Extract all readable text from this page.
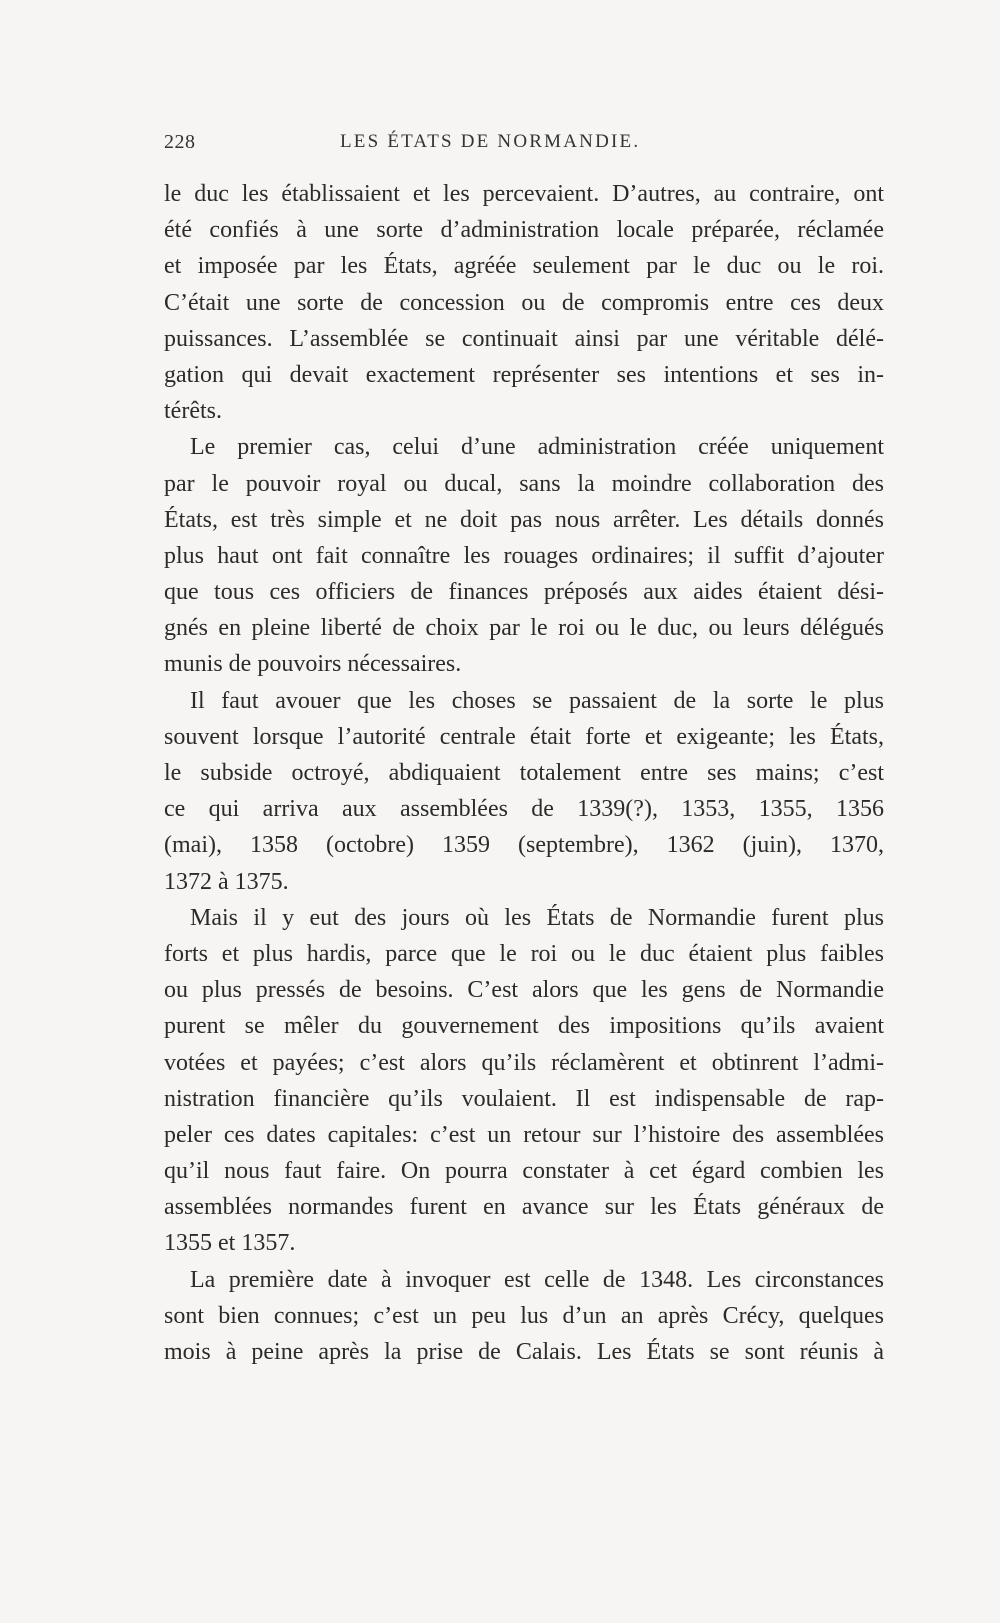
228	LES ÉTATS DE NORMANDIE.
le duc les établissaient et les percevaient. D’autres, au contraire, ont
été confiés à une sorte d’administration locale préparée, réclamée
et imposée par les États, agréée seulement par le duc ou le roi.
C’était une sorte de concession ou de compromis entre ces deux
puissances. L’assemblée se continuait ainsi par une véritable délé-
gation qui devait exactement représenter ses intentions et ses in-
térêts.
Le premier cas, celui d’une administration créée uniquement
par le pouvoir royal ou ducal, sans la moindre collaboration des
États, est très simple et ne doit pas nous arrêter. Les détails donnés
plus haut ont fait connaître les rouages ordinaires; il suffit d’ajouter
que tous ces officiers de finances préposés aux aides étaient dési-
gnés en pleine liberté de choix par le roi ou le duc, ou leurs délégués
munis de pouvoirs nécessaires.
Il faut avouer que les choses se passaient de la sorte le plus
souvent lorsque l’autorité centrale était forte et exigeante; les États,
le subside octroyé, abdiquaient totalement entre ses mains; c’est
ce qui arriva aux assemblées de 1339(?), 1353, 1355, 1356
(mai), 1358 (octobre) 1359 (septembre), 1362 (juin), 1370,
1372 à 1375.
Mais il y eut des jours où les États de Normandie furent plus
forts et plus hardis, parce que le roi ou le duc étaient plus faibles
ou plus pressés de besoins. C’est alors que les gens de Normandie
purent se mêler du gouvernement des impositions qu’ils avaient
votées et payées; c’est alors qu’ils réclamèrent et obtinrent l’admi-
nistration financière qu’ils voulaient. Il est indispensable de rap-
peler ces dates capitales: c’est un retour sur l’histoire des assemblées
qu’il nous faut faire. On pourra constater à cet égard combien les
assemblées normandes furent en avance sur les États généraux de
1355 et 1357.
La première date à invoquer est celle de 1348. Les circonstances
sont bien connues; c’est un peu lus d’un an après Crécy, quelques
mois à peine après la prise de Calais. Les États se sont réunis à
